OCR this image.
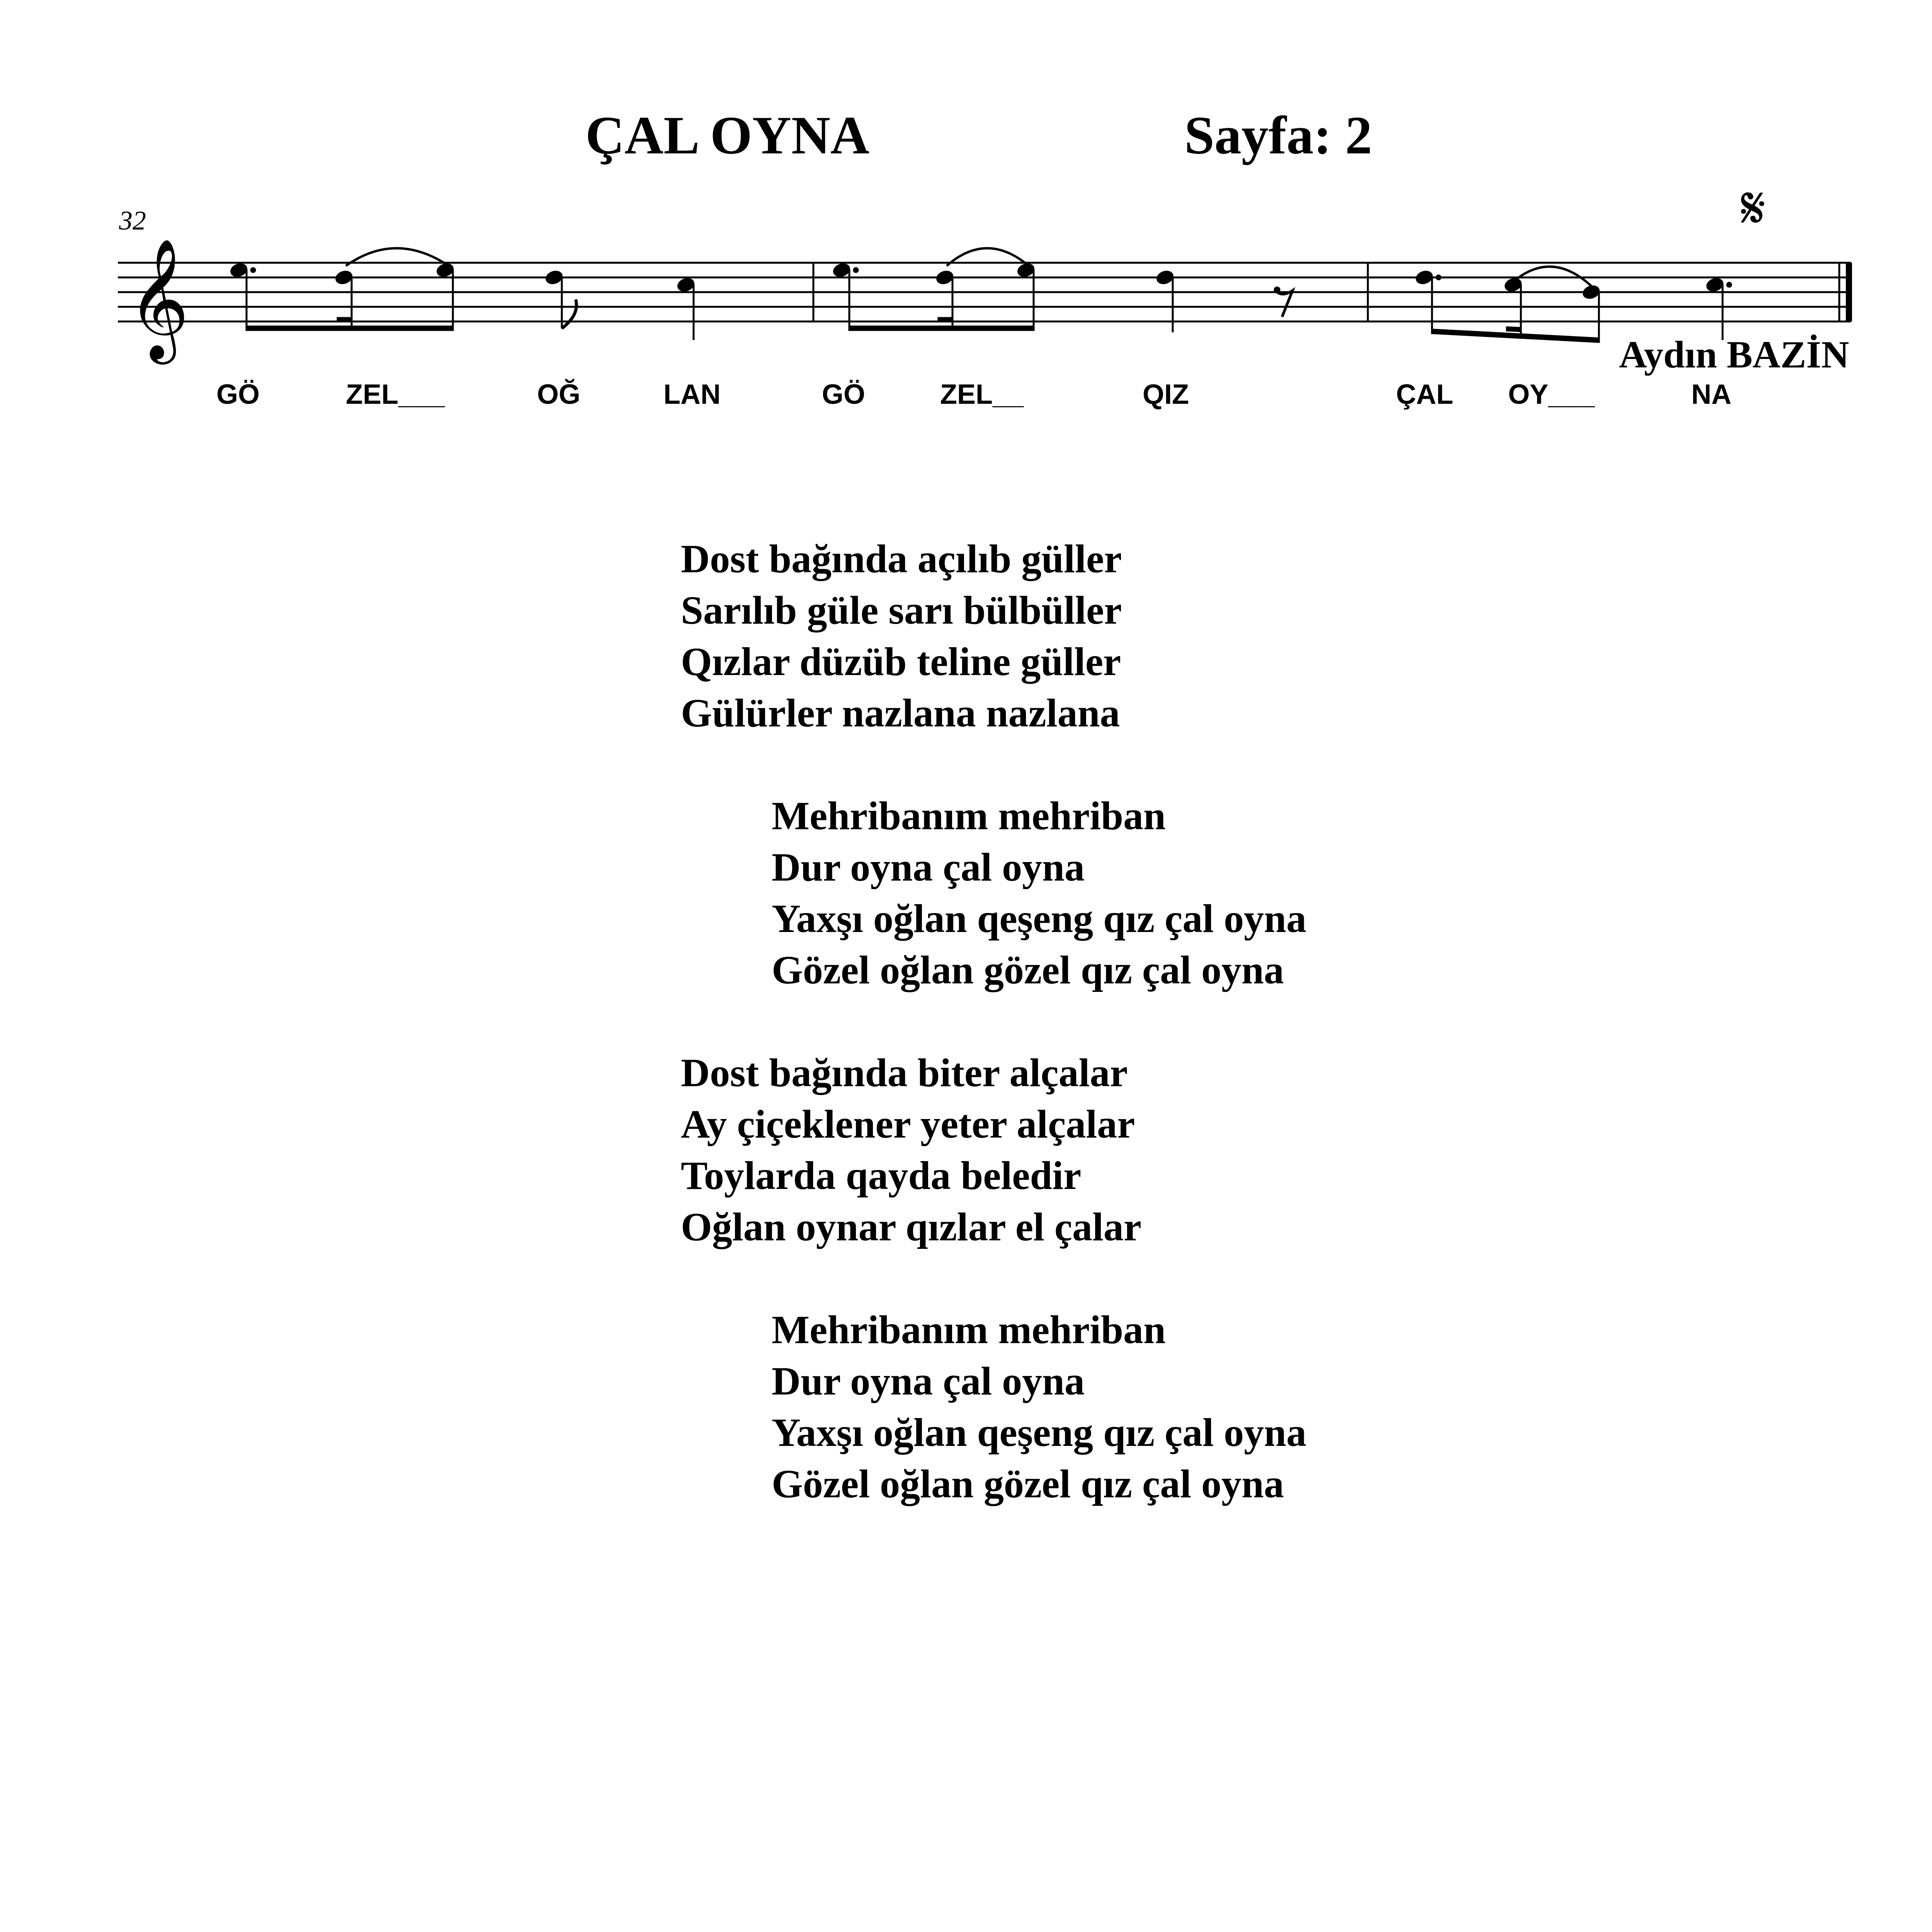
ÇAL OYNA	Sayfa: 2
32
Aydın BAZİN
𝄞
𝄋
GÖ	ZEL___	OĞ	LAN	GÖ	ZEL__	QIZ	ÇAL OY___	NA
Dost bağında açılıb güller
Sarılıb güle sarı bülbüller
Qızlar düzüb teline güller
Gülürler nazlana nazlana
Mehribanım mehriban
Dur oyna çal oyna
Yaxşı oğlan qeşeng qız çal oyna
Gözel oğlan gözel qız çal oyna
Dost bağında biter alçalar
Ay çiçeklener yeter alçalar
Toylarda qayda beledir
Oğlan oynar qızlar el çalar
Mehribanım mehriban
Dur oyna çal oyna
Yaxşı oğlan qeşeng qız çal oyna
Gözel oğlan gözel qız çal oyna
